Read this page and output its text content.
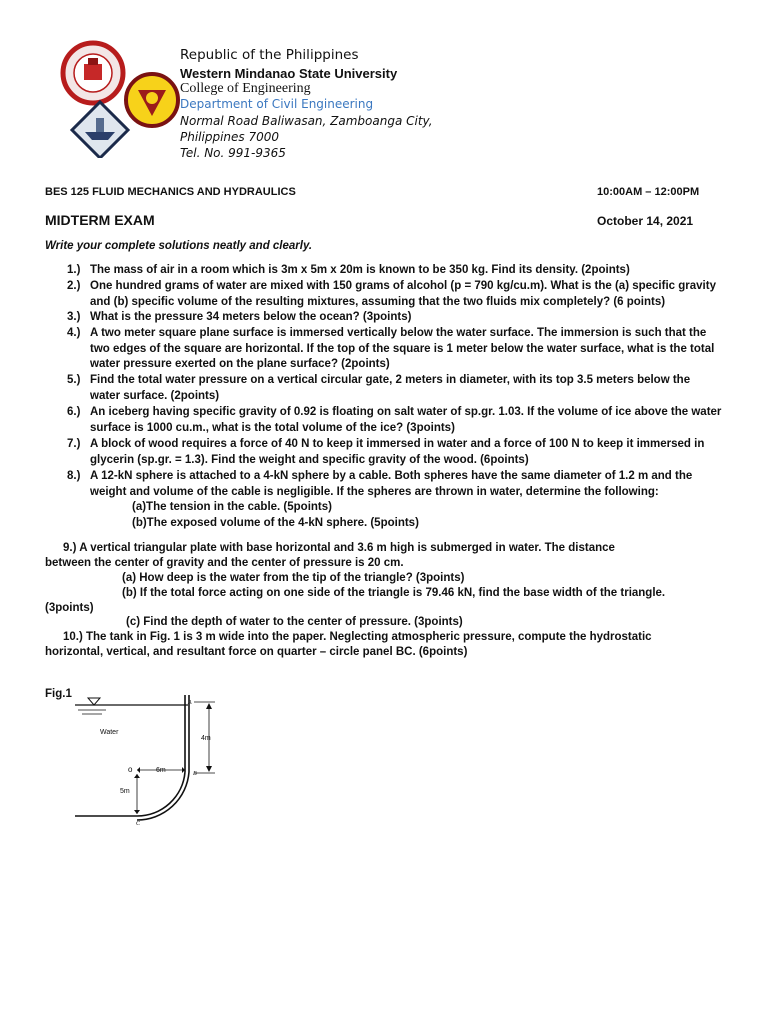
Republic of the Philippines
Western Mindanao State University
College of Engineering
Department of Civil Engineering
Normal Road Baliwasan, Zamboanga City,
Philippines 7000
Tel. No. 991-9365
BES 125 FLUID MECHANICS AND HYDRAULICS	10:00AM – 12:00PM
MIDTERM EXAM	October 14, 2021
Write your complete solutions neatly and clearly.
1.) The mass of air in a room which is 3m x 5m x 20m is known to be 350 kg. Find its density. (2points)
2.) One hundred grams of water are mixed with 150 grams of alcohol (p = 790 kg/cu.m). What is the (a) specific gravity and (b) specific volume of the resulting mixtures, assuming that the two fluids mix completely? (6 points)
3.) What is the pressure 34 meters below the ocean? (3points)
4.) A two meter square plane surface is immersed vertically below the water surface. The immersion is such that the two edges of the square are horizontal. If the top of the square is 1 meter below the water surface, what is the total water pressure exerted on the plane surface? (2points)
5.) Find the total water pressure on a vertical circular gate, 2 meters in diameter, with its top 3.5 meters below the water surface. (2points)
6.) An iceberg having specific gravity of 0.92 is floating on salt water of sp.gr. 1.03. If the volume of ice above the water surface is 1000 cu.m., what is the total volume of the ice? (3points)
7.) A block of wood requires a force of 40 N to keep it immersed in water and a force of 100 N to keep it immersed in glycerin (sp.gr. = 1.3). Find the weight and specific gravity of the wood. (6points)
8.) A 12-kN sphere is attached to a 4-kN sphere by a cable. Both spheres have the same diameter of 1.2 m and the weight and volume of the cable is negligible. If the spheres are thrown in water, determine the following:
(a)The tension in the cable. (5points)
(b)The exposed volume of the 4-kN sphere. (5points)
9.) A vertical triangular plate with base horizontal and 3.6 m high is submerged in water. The distance
between the center of gravity and the center of pressure is 20 cm.
(a) How deep is the water from the tip of the triangle? (3points)
(b) If the total force acting on one side of the triangle is 79.46 kN, find the base width of the triangle.
(3points)
(c) Find the depth of water to the center of pressure. (3points)
10.) The tank in Fig. 1 is 3 m wide into the paper. Neglecting atmospheric pressure, compute the hydrostatic
horizontal, vertical, and resultant force on quarter – circle panel BC. (6points)
Fig.1
Water
4m
6m
5m
o
A
B
C
